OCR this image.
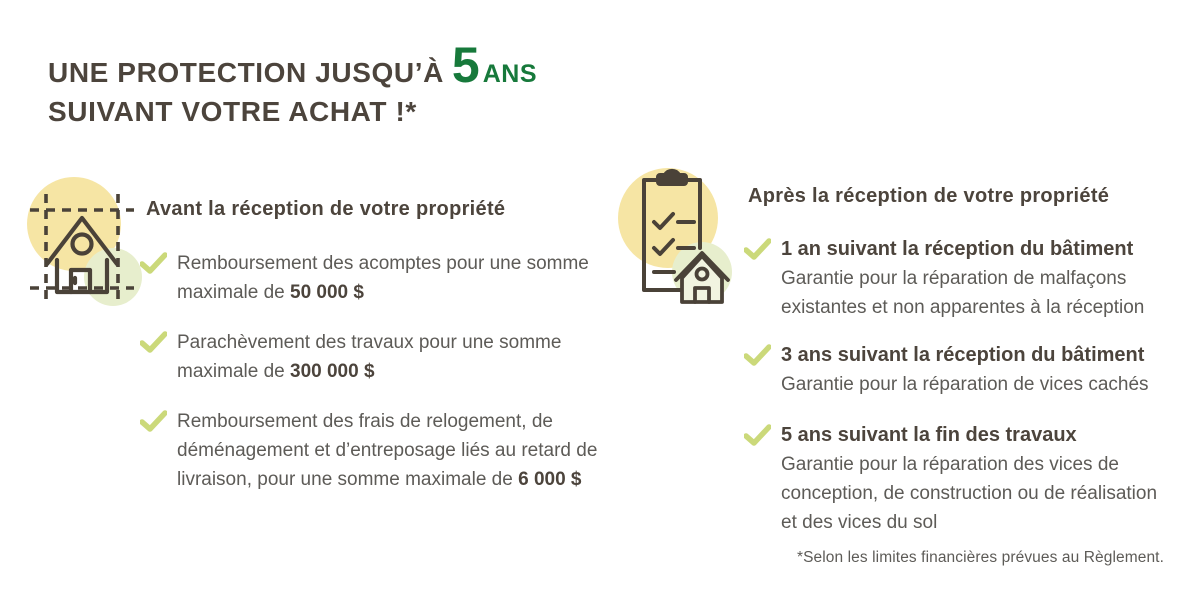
UNE PROTECTION JUSQU’À 5 ANS
SUIVANT VOTRE ACHAT !*
Avant la réception de votre propriété
Remboursement des acomptes pour une somme maximale de 50 000 $
Parachèvement des travaux pour une somme maximale de 300 000 $
Remboursement des frais de relogement, de déménagement et d’entreposage liés au retard de livraison, pour une somme maximale de 6 000 $
Après la réception de votre propriété
1 an suivant la réception du bâtiment
Garantie pour la réparation de malfaçons existantes et non apparentes à la réception
3 ans suivant la réception du bâtiment
Garantie pour la réparation de vices cachés
5 ans suivant la fin des travaux
Garantie pour la réparation des vices de conception, de construction ou de réalisation et des vices du sol
*Selon les limites financières prévues au Règlement.
